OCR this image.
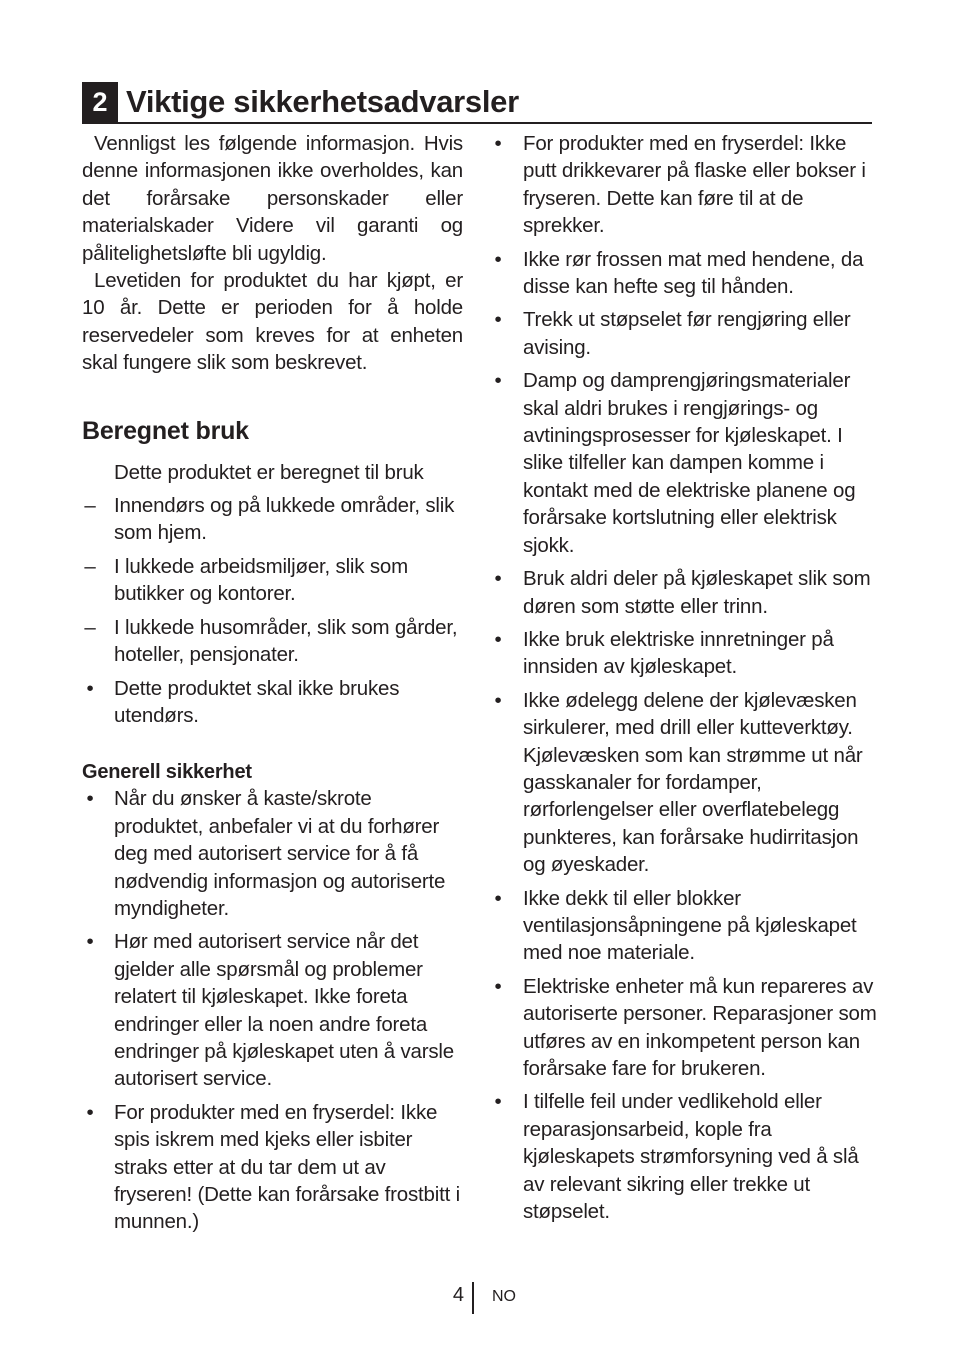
2 Viktige sikkerhetsadvarsler

Vennligst les følgende informasjon. Hvis denne informasjonen ikke overholdes, kan det forårsake personskader eller materialskader Videre vil garanti og pålitelighetsløfte bli ugyldig.

Levetiden for produktet du har kjøpt, er 10 år. Dette er perioden for å holde reservedeler som kreves for at enheten skal fungere slik som beskrevet.

Beregnet bruk

Dette produktet er beregnet til bruk

– Innendørs og på lukkede områder, slik som hjem.
– I lukkede arbeidsmiljøer, slik som butikker og kontorer.
– I lukkede husområder, slik som gårder, hoteller, pensjonater.
• Dette produktet skal ikke brukes utendørs.
Generell sikkerhet
• Når du ønsker å kaste/skrote produktet, anbefaler vi at du forhører deg med autorisert service for å få nødvendig informasjon og autoriserte myndigheter.
• Hør med autorisert service når det gjelder alle spørsmål og problemer relatert til kjøleskapet. Ikke foreta endringer eller la noen andre foreta endringer på kjøleskapet uten å varsle autorisert service.
• For produkter med en fryserdel: Ikke spis iskrem med kjeks eller isbiter straks etter at du tar dem ut av fryseren! (Dette kan forårsake frostbitt i munnen.)
• For produkter med en fryserdel: Ikke putt drikkevarer på flaske eller bokser i fryseren. Dette kan føre til at de sprekker.
• Ikke rør frossen mat med hendene, da disse kan hefte seg til hånden.
• Trekk ut støpselet før rengjøring eller avising.
• Damp og damprengjøringsmaterialer skal aldri brukes i rengjørings- og avtiningsprosesser for kjøleskapet. I slike tilfeller kan dampen komme i kontakt med de elektriske planene og forårsake kortslutning eller elektrisk sjokk.
• Bruk aldri deler på kjøleskapet slik som døren som støtte eller trinn.
• Ikke bruk elektriske innretninger på innsiden av kjøleskapet.
• Ikke ødelegg delene der kjølevæsken sirkulerer, med drill eller kutteverktøy. Kjølevæsken som kan strømme ut når gasskanaler for fordamper, rørforlengelser eller overflatebelegg punkteres, kan forårsake hudirritasjon og øyeskader.
• Ikke dekk til eller blokker ventilasjonsåpningene på kjøleskapet med noe materiale.
• Elektriske enheter må kun repareres av autoriserte personer. Reparasjoner som utføres av en inkompetent person kan forårsake fare for brukeren.
• I tilfelle feil under vedlikehold eller reparasjonsarbeid, kople fra kjøleskapets strømforsyning ved å slå av relevant sikring eller trekke ut støpselet.
4 NO
